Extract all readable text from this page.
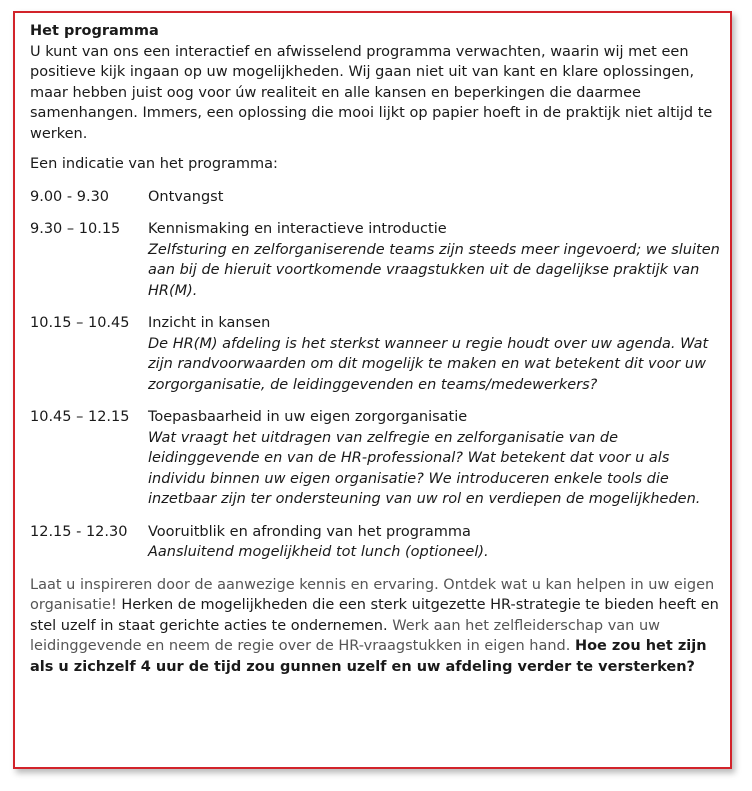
Het programma

U kunt van ons een interactief en afwisselend programma verwachten, waarin wij met een positieve kijk ingaan op uw mogelijkheden. Wij gaan niet uit van kant en klare oplossingen, maar hebben juist oog voor úw realiteit en alle kansen en beperkingen die daarmee samenhangen. Immers, een oplossing die mooi lijkt op papier hoeft in de praktijk niet altijd te werken.

Een indicatie van het programma:

9.00 - 9.30	Ontvangst
9.30 – 10.15	Kennismaking en interactieve introductie
Zelfsturing en zelforganiserende teams zijn steeds meer ingevoerd; we sluiten aan bij de hieruit voortkomende vraagstukken uit de dagelijkse praktijk van HR(M).
10.15 – 10.45	Inzicht in kansen
De HR(M) afdeling is het sterkst wanneer u regie houdt over uw agenda. Wat zijn randvoorwaarden om dit mogelijk te maken en wat betekent dit voor uw zorgorganisatie, de leidinggevenden en teams/medewerkers?
10.45 – 12.15	Toepasbaarheid in uw eigen zorgorganisatie
Wat vraagt het uitdragen van zelfregie en zelforganisatie van de leidinggevende en van de HR-professional? Wat betekent dat voor u als individu binnen uw eigen organisatie? We introduceren enkele tools die inzetbaar zijn ter ondersteuning van uw rol en verdiepen de mogelijkheden.
12.15 - 12.30	Vooruitblik en afronding van het programma
Aansluitend mogelijkheid tot lunch (optioneel).

Laat u inspireren door de aanwezige kennis en ervaring. Ontdek wat u kan helpen in uw eigen organisatie! Herken de mogelijkheden die een sterk uitgezette HR-strategie te bieden heeft en stel uzelf in staat gerichte acties te ondernemen. Werk aan het zelfleiderschap van uw leidinggevende en neem de regie over de HR-vraagstukken in eigen hand. Hoe zou het zijn als u zichzelf 4 uur de tijd zou gunnen uzelf en uw afdeling verder te versterken?
